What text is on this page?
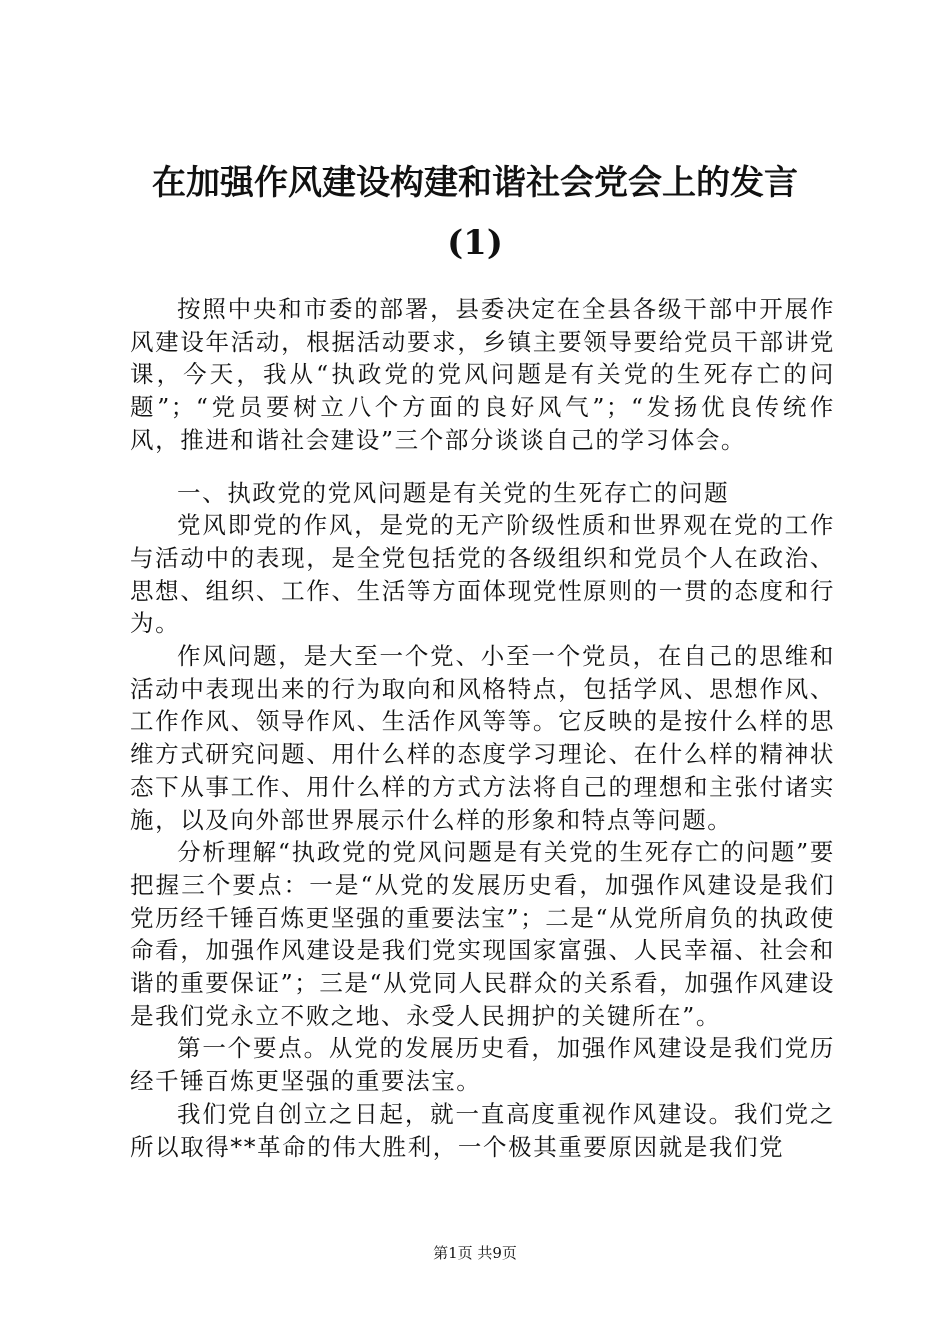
在加强作风建设构建和谐社会党会上的发言
(1)

按照中央和市委的部署，县委决定在全县各级干部中开展作风建设年活动，根据活动要求，乡镇主要领导要给党员干部讲党课，今天，我从“执政党的党风问题是有关党的生死存亡的问题”；“党员要树立八个方面的良好风气”；“发扬优良传统作风，推进和谐社会建设”三个部分谈谈自己的学习体会。

一、执政党的党风问题是有关党的生死存亡的问题

党风即党的作风，是党的无产阶级性质和世界观在党的工作与活动中的表现，是全党包括党的各级组织和党员个人在政治、思想、组织、工作、生活等方面体现党性原则的一贯的态度和行为。

作风问题，是大至一个党、小至一个党员，在自己的思维和活动中表现出来的行为取向和风格特点，包括学风、思想作风、工作作风、领导作风、生活作风等等。它反映的是按什么样的思维方式研究问题、用什么样的态度学习理论、在什么样的精神状态下从事工作、用什么样的方式方法将自己的理想和主张付诸实施，以及向外部世界展示什么样的形象和特点等问题。

分析理解“执政党的党风问题是有关党的生死存亡的问题”要把握三个要点：一是“从党的发展历史看，加强作风建设是我们党历经千锤百炼更坚强的重要法宝”；二是“从党所肩负的执政使命看，加强作风建设是我们党实现国家富强、人民幸福、社会和谐的重要保证”；三是“从党同人民群众的关系看，加强作风建设是我们党永立不败之地、永受人民拥护的关键所在”。

第一个要点。从党的发展历史看，加强作风建设是我们党历经千锤百炼更坚强的重要法宝。

我们党自创立之日起，就一直高度重视作风建设。我们党之所以取得**革命的伟大胜利，一个极其重要原因就是我们党

第1页 共9页
